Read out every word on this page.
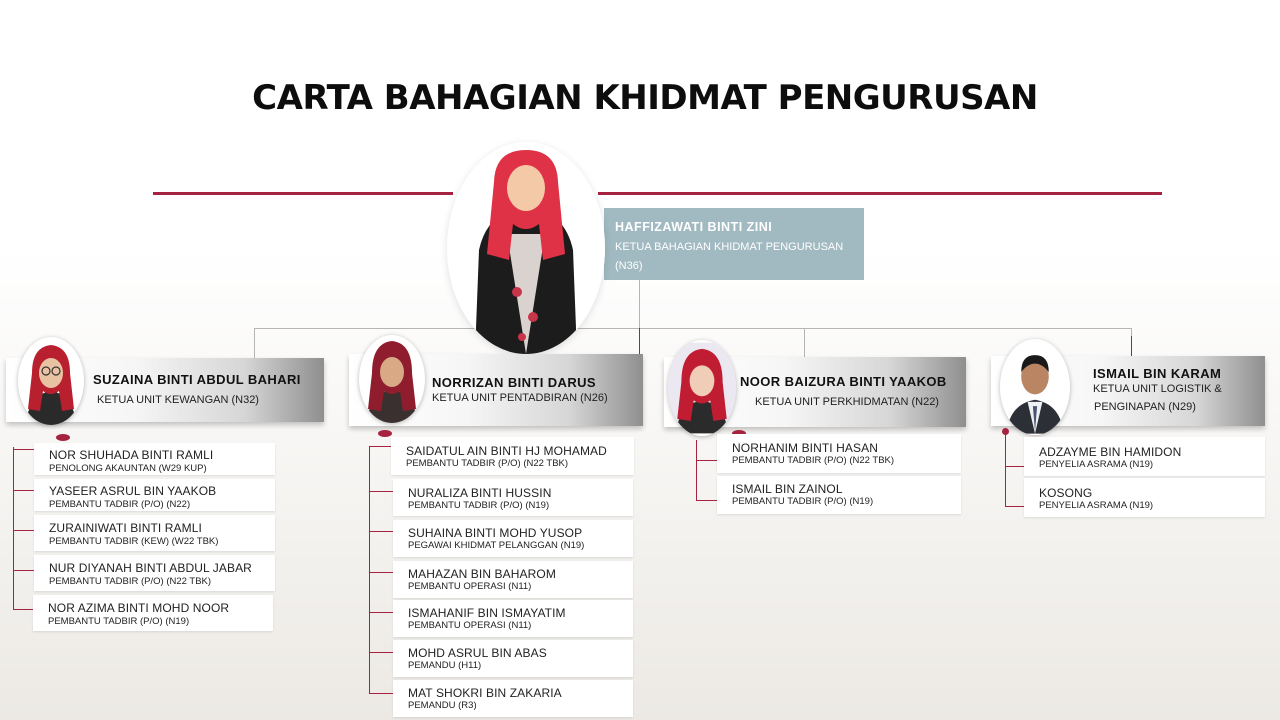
CARTA BAHAGIAN KHIDMAT PENGURUSAN
HAFFIZAWATI BINTI ZINI
KETUA BAHAGIAN KHIDMAT PENGURUSAN
(N36)
SUZAINA BINTI ABDUL BAHARI
KETUA UNIT KEWANGAN (N32)
NOR SHUHADA BINTI RAMLI
PENOLONG AKAUNTAN (W29 KUP)
YASEER ASRUL BIN YAAKOB
PEMBANTU TADBIR (P/O) (N22)
ZURAINIWATI BINTI RAMLI
PEMBANTU TADBIR (KEW) (W22 TBK)
NUR DIYANAH BINTI ABDUL JABAR
PEMBANTU TADBIR (P/O) (N22 TBK)
NOR AZIMA BINTI MOHD NOOR
PEMBANTU TADBIR (P/O) (N19)
NORRIZAN BINTI DARUS
KETUA UNIT PENTADBIRAN (N26)
SAIDATUL AIN BINTI HJ MOHAMAD
PEMBANTU TADBIR (P/O) (N22 TBK)
NURALIZA BINTI HUSSIN
PEMBANTU TADBIR (P/O) (N19)
SUHAINA BINTI MOHD YUSOP
PEGAWAI KHIDMAT PELANGGAN (N19)
MAHAZAN BIN BAHAROM
PEMBANTU OPERASI (N11)
ISMAHANIF BIN ISMAYATIM
PEMBANTU OPERASI (N11)
MOHD ASRUL BIN ABAS
PEMANDU (H11)
MAT SHOKRI BIN ZAKARIA
PEMANDU (R3)
NOOR BAIZURA BINTI YAAKOB
KETUA UNIT PERKHIDMATAN (N22)
NORHANIM BINTI HASAN
PEMBANTU TADBIR (P/O) (N22 TBK)
ISMAIL BIN ZAINOL
PEMBANTU TADBIR (P/O) (N19)
ISMAIL BIN KARAM
KETUA UNIT LOGISTIK &
PENGINAPAN (N29)
ADZAYME BIN HAMIDON
PENYELIA ASRAMA (N19)
KOSONG
PENYELIA ASRAMA (N19)
